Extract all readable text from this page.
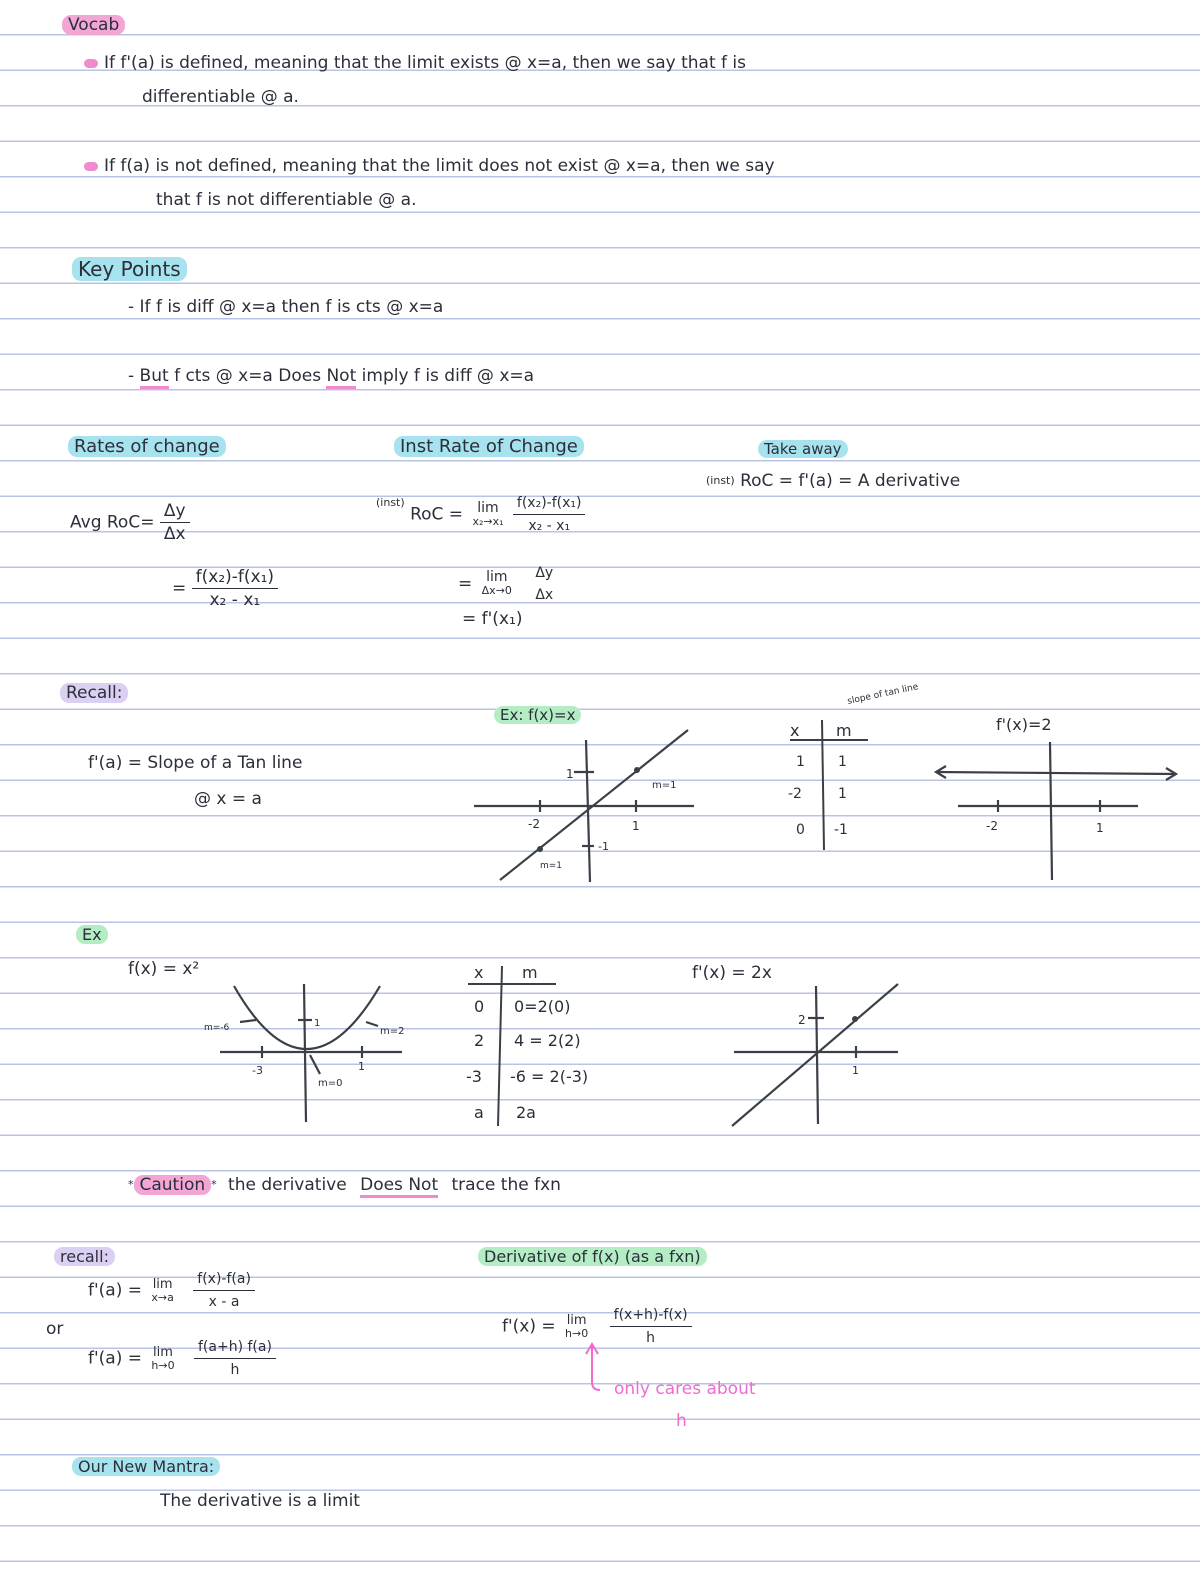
Vocab
If f'(a) is defined, meaning that the limit exists @ x=a, then we say that f is
differentiable @ a.
If f(a) is not defined, meaning that the limit does not exist @ x=a, then we say
that f is not differentiable @ a.
Key Points
- If f is diff @ x=a then f is cts @ x=a
- But f cts @ x=a Does Not imply f is diff @ x=a
Rates of change
Avg $RoC= \frac{\Delta y}{\Delta x}$
= $\frac{\text{f(x₂)-f(x₁)}}{\text{x₂ - x₁}}$
Inst Rate of Change
$^{(inst)}$ RoC =	lim
x₂→x₁
$\frac{\text{f(x₂)-f(x₁)}}{\text{x₂ - x₁}}$
= lim
Δx→0

Δy
Δx
= f'(x₁)
Take away
$^{(inst)}$ RoC = f'(a) = A derivative
Recall:
f'(a) = Slope of a Tan line
@ x = a
Ex: f(x)=x
1
-2	1
-1
m=1
m=1
slope of tan line
x m
1 1
-2	1
0 -1
f'(x)=2
-2	1
Ex
f(x) = x²
m=-6	m=2
m=0
-3	1
1
x m
0 0=2(0)
2 4 = 2(2)
-3 -6 = 2(-3)
a 2a
f'(x) = 2x
2
1
* Caution * the derivative Does Not trace the fxn
recall:
f'(a) = lim
x→a
$\frac{f(x)-f(a)}{x - a}$
or
f'(a) = lim
h→0
$\frac{f(a+h) f(a)}{h}$
Derivative of f(x) (as a fxn)
f'(x) = lim
h→0
$\frac{f(x+h)-f(x)}{h}$
only cares about
h
Our New Mantra:
The derivative is a limit
